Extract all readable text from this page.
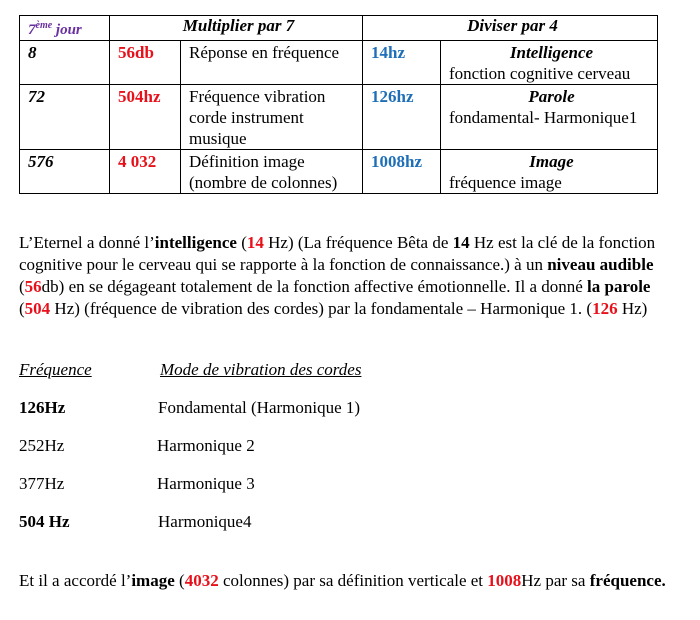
7ème jour	Multiplier par 7		Diviser par 4	
8	56db	Réponse en fréquence	14hz	Intelligence
fonction cognitive cerveau
72	504hz	Fréquence vibration corde instrument musique	126hz	Parole
fondamental- Harmonique1
576	4 032	Définition image (nombre de colonnes)	1008hz	Image
fréquence image

L’Eternel a donné l’intelligence (14 Hz) (La fréquence Bêta de 14 Hz est la clé de la fonction cognitive pour le cerveau qui se rapporte à la fonction de connaissance.) à un niveau audible (56db) en se dégageant totalement de la fonction affective émotionnelle. Il a donné la parole (504 Hz) (fréquence de vibration des cordes) par la fondamentale – Harmonique 1. (126 Hz)

Fréquence	Mode de vibration des cordes
126Hz	Fondamental (Harmonique 1)
252Hz	Harmonique 2
377Hz	Harmonique 3
504 Hz	Harmonique4

Et il a accordé l’image (4032 colonnes) par sa définition verticale et 1008Hz par sa fréquence.
